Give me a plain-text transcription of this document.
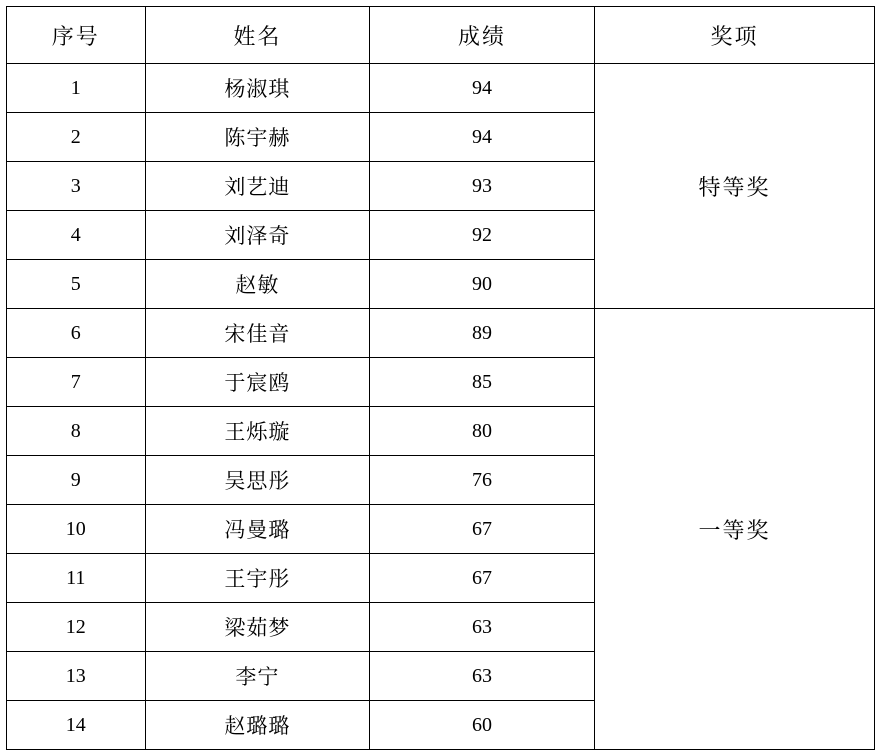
序号	姓名	成绩	奖项
1	杨淑琪	94	特等奖
2	陈宇赫	94	
3	刘艺迪	93	
4	刘泽奇	92	
5	赵敏	90	
6	宋佳音	89	一等奖
7	于宸鸥	85	
8	王烁璇	80	
9	吴思彤	76	
10	冯曼璐	67	
11	王宇彤	67	
12	梁茹梦	63	
13	李宁	63	
14	赵璐璐	60	
